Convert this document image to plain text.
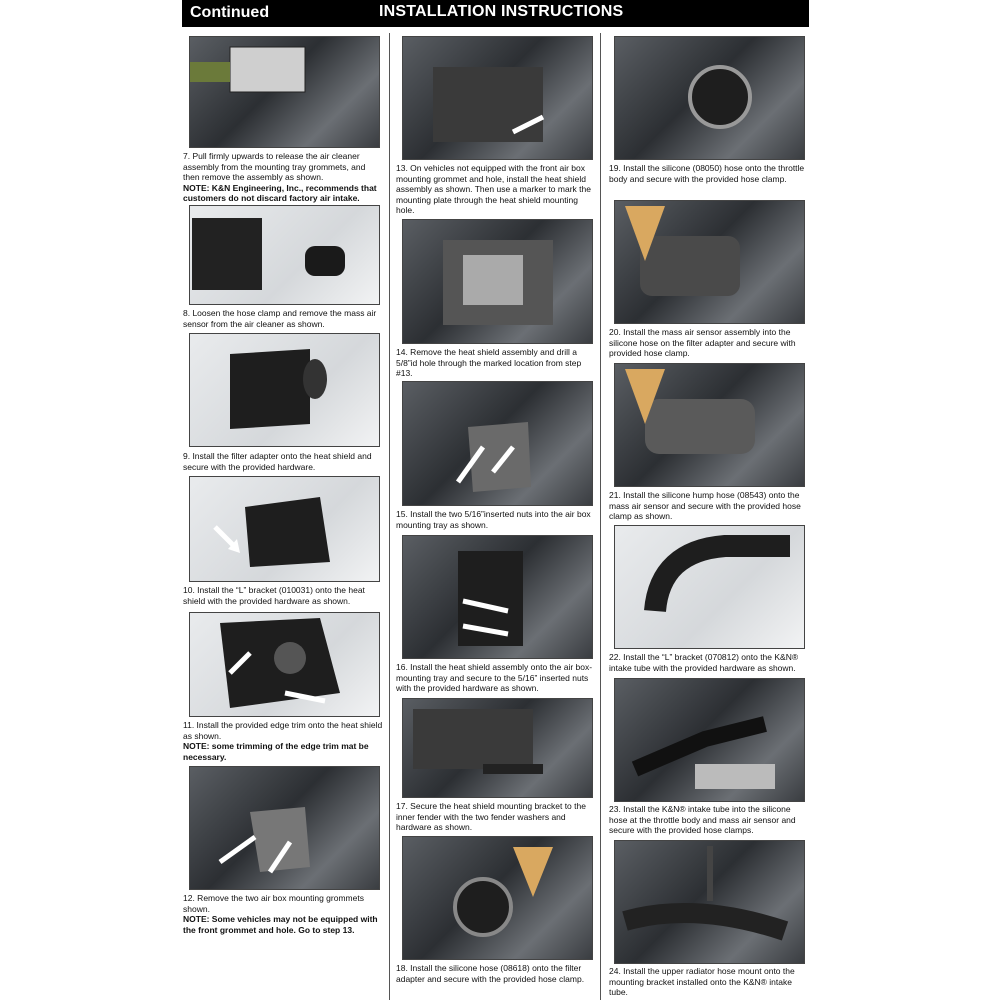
Continued	INSTALLATION INSTRUCTIONS

7. Pull firmly upwards to release the air cleaner assembly from the mounting tray grommets, and then remove the assembly as shown.
NOTE: K&N Engineering, Inc., recommends that customers do not discard factory air intake.

8. Loosen the hose clamp and remove the mass air sensor from the air cleaner as shown.

9. Install the filter adapter onto the heat shield and secure with the provided hardware.

10. Install the “L” bracket (010031) onto the heat shield with the provided hardware as shown.

11. Install the provided edge trim onto the heat shield as shown.
NOTE: some trimming of the edge trim mat be necessary.

12. Remove the two air box mounting grommets shown.
NOTE: Some vehicles may not be equipped with the front grommet and hole. Go to step 13.

13. On vehicles not equipped with the front air box mounting grommet and hole, install the heat shield assembly as shown. Then use a marker to mark the mounting plate through the heat shield mounting hole.

14. Remove the heat shield assembly and drill a 5/8”id hole through the marked location from step #13.

15. Install the two 5/16”inserted nuts into the air box mounting tray as shown.

16. Install the heat shield assembly onto the air box-mounting tray and secure to the 5/16” inserted nuts with the provided hardware as shown.

17. Secure the heat shield mounting bracket to the inner fender with the two fender washers and hardware as shown.

18. Install the silicone hose (08618) onto the filter adapter and secure with the provided hose clamp.

19. Install the silicone (08050) hose onto the throttle body and secure with the provided hose clamp.

20. Install the mass air sensor assembly into the silicone hose on the filter adapter and secure with provided hose clamp.

21. Install the silicone hump hose (08543) onto the mass air sensor and secure with the provided hose clamp as shown.

22. Install the “L” bracket (070812) onto the K&N® intake tube with the provided hardware as shown.

23. Install the K&N® intake tube into the silicone hose at the throttle body and mass air sensor and secure with the provided hose clamps.

24. Install the upper radiator hose mount onto the mounting bracket installed onto the K&N® intake tube.
